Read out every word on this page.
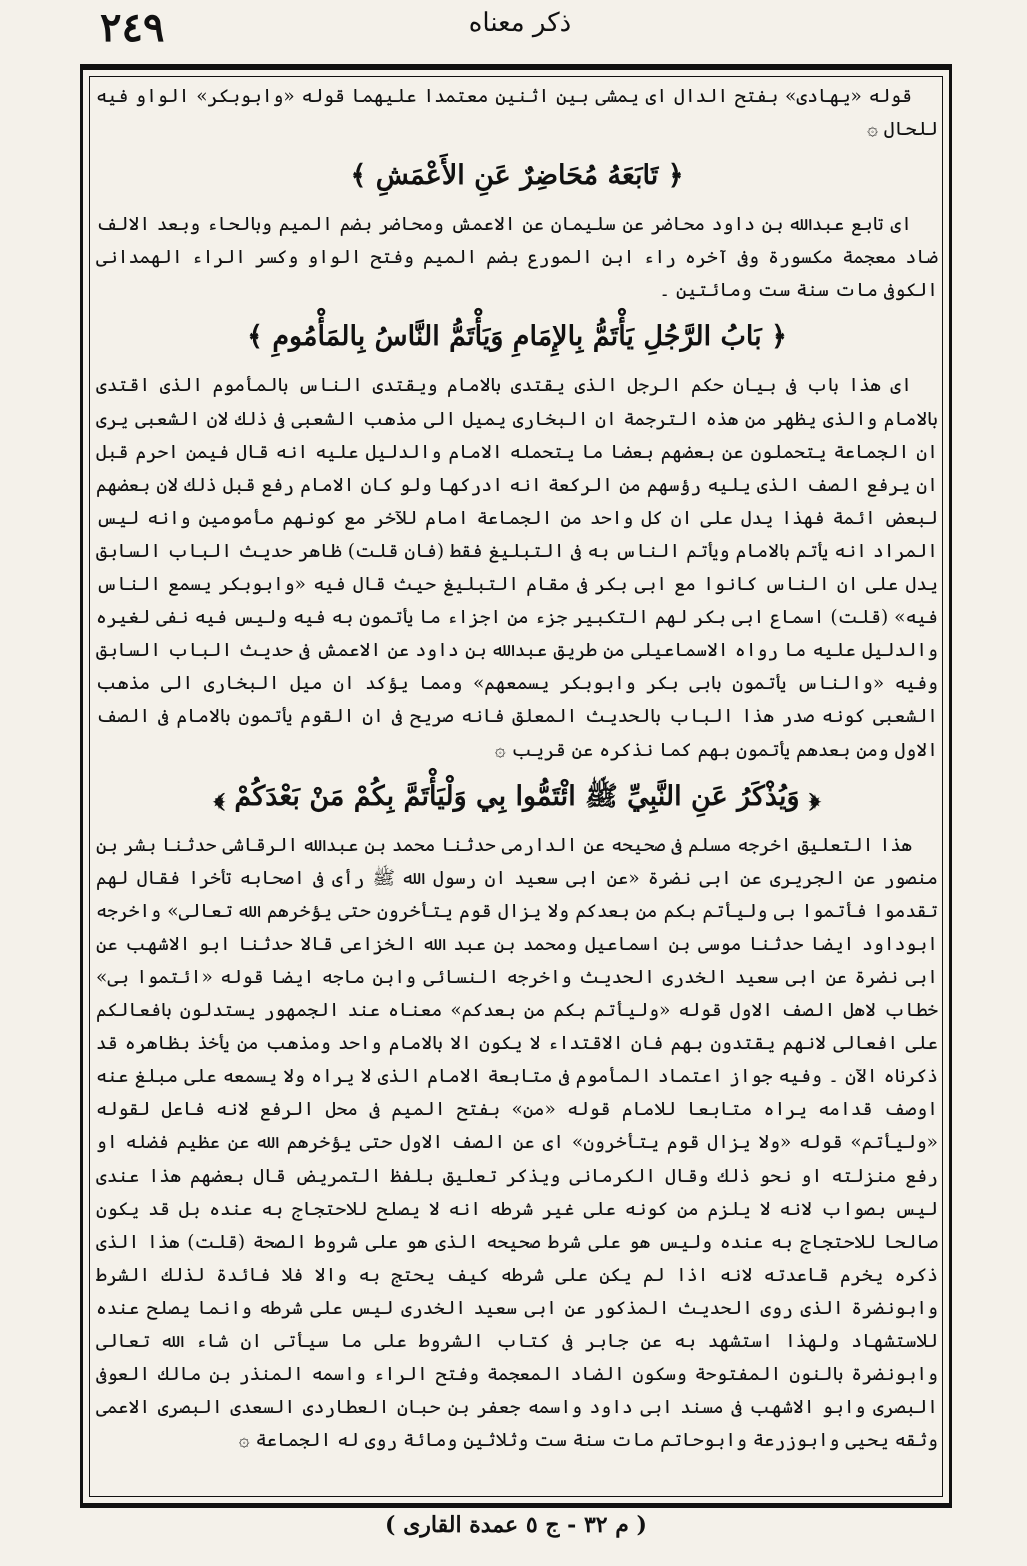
٢٤٩	ذكر معناه

قوله «يهادى» بفتح الدال اى يمشى بين اثنين معتمدا عليهما قوله «وابوبكر» الواو فيه للحال ۞

﴿ تَابَعَهُ مُحَاضِرٌ عَنِ الأَعْمَشِ ﴾

اى تابع عبدالله بن داود محاضر عن سليمان عن الاعمش ومحاضر بضم الميم وبالحاء وبعد الالف ضاد معجمة مكسورة وفى آخره راء ابن المورع بضم الميم وفتح الواو وكسر الراء الهمدانى الكوفى مات سنة ست ومائتين ۔

﴿ بَابُ الرَّجُلِ يَأْتَمُّ بِالإِمَامِ وَيَأْتَمُّ النَّاسُ بِالمَأْمُومِ ﴾

اى هذا باب فى بيان حكم الرجل الذى يقتدى بالامام ويقتدى الناس بالمأموم الذى اقتدى بالامام والذى يظهر من هذه الترجمة ان البخارى يميل الى مذهب الشعبى فى ذلك لان الشعبى يرى ان الجماعة يتحملون عن بعضهم بعضا ما يتحمله الامام والدليل عليه انه قال فيمن احرم قبل ان يرفع الصف الذى يليه رؤسهم من الركعة انه ادركها ولو كان الامام رفع قبل ذلك لان بعضهم لبعض ائمة فهذا يدل على ان كل واحد من الجماعة امام للآخر مع كونهم مأمومين وانه ليس المراد انه يأتم بالامام ويأتم الناس به فى التبليغ فقط (فان قلت) ظاهر حديث الباب السابق يدل على ان الناس كانوا مع ابى بكر فى مقام التبليغ حيث قال فيه «وابوبكر يسمع الناس فيه» (قلت) اسماع ابى بكر لهم التكبير جزء من اجزاء ما يأتمون به فيه وليس فيه نفى لغيره والدليل عليه ما رواه الاسماعيلى من طريق عبدالله بن داود عن الاعمش فى حديث الباب السابق وفيه «والناس يأتمون بابى بكر وابوبكر يسمعهم» ومما يؤكد ان ميل البخارى الى مذهب الشعبى كونه صدر هذا الباب بالحديث المعلق فانه صريح فى ان القوم يأتمون بالامام فى الصف الاول ومن بعدهم يأتمون بهم كما نذكره عن قريب ۞

﴿ وَيُذْكَرُ عَنِ النَّبِيِّ ﷺ ائْتَمُّوا بِي وَلْيَأْتَمَّ بِكُمْ مَنْ بَعْدَكُمْ ﴾

هذا التعليق اخرجه مسلم فى صحيحه عن الدارمى حدثنا محمد بن عبدالله الرقاشى حدثنا بشر بن منصور عن الجريرى عن ابى نضرة «عن ابى سعيد ان رسول الله ﷺ رأى فى اصحابه تأخرا فقال لهم تقدموا فأتموا بى وليأتم بكم من بعدكم ولا يزال قوم يتأخرون حتى يؤخرهم الله تعالى» واخرجه ابوداود ايضا حدثنا موسى بن اسماعيل ومحمد بن عبد الله الخزاعى قالا حدثنا ابو الاشهب عن ابى نضرة عن ابى سعيد الخدرى الحديث واخرجه النسائى وابن ماجه ايضا قوله «ائتموا بى» خطاب لاهل الصف الاول قوله «وليأتم بكم من بعدكم» معناه عند الجمهور يستدلون بافعالكم على افعالى لانهم يقتدون بهم فان الاقتداء لا يكون الا بالامام واحد ومذهب من يأخذ بظاهره قد ذكرناه الآن ۔ وفيه جواز اعتماد المأموم فى متابعة الامام الذى لا يراه ولا يسمعه على مبلغ عنه اوصف قدامه يراه متابعا للامام قوله «من» بفتح الميم فى محل الرفع لانه فاعل لقوله «وليأتم» قوله «ولا يزال قوم يتأخرون» اى عن الصف الاول حتى يؤخرهم الله عن عظيم فضله او رفع منزلته او نحو ذلك وقال الكرمانى ويذكر تعليق بلفظ التمريض قال بعضهم هذا عندى ليس بصواب لانه لا يلزم من كونه على غير شرطه انه لا يصلح للاحتجاج به عنده بل قد يكون صالحا للاحتجاج به عنده وليس هو على شرط صحيحه الذى هو على شروط الصحة (قلت) هذا الذى ذكره يخرم قاعدته لانه اذا لم يكن على شرطه كيف يحتج به والا فلا فائدة لذلك الشرط وابونضرة الذى روى الحديث المذكور عن ابى سعيد الخدرى ليس على شرطه وانما يصلح عنده للاستشهاد ولهذا استشهد به عن جابر فى كتاب الشروط على ما سيأتى ان شاء الله تعالى وابونضرة بالنون المفتوحة وسكون الضاد المعجمة وفتح الراء واسمه المنذر بن مالك العوفى البصرى وابو الاشهب فى مسند ابى داود واسمه جعفر بن حبان العطاردى السعدى البصرى الاعمى وثقه يحيى وابوزرعة وابوحاتم مات سنة ست وثلاثين ومائة روى له الجماعة ۞

( م ٣٢ - ج ٥ عمدة القارى )
